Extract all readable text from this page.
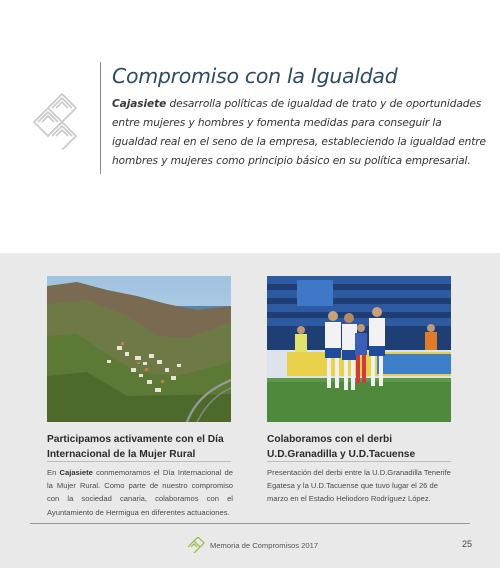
Compromiso con la Igualdad

Cajasiete desarrolla políticas de igualdad de trato y de oportunidades entre mujeres y hombres y fomenta medidas para conseguir la igualdad real en el seno de la empresa, estableciendo la igualdad entre hombres y mujeres como principio básico en su política empresarial.

Participamos activamente con el Día Internacional de la Mujer Rural

En Cajasiete conmemoramos el Día Internacional de la Mujer Rural. Como parte de nuestro compromiso con la sociedad canaria, colaboramos con el Ayuntamiento de Hermigua en diferentes actuaciones.

Colaboramos con el derbi U.D.Granadilla y U.D.Tacuense

Presentación del derbi entre la U.D.Granadilla Tenerife Egatesa y la U.D.Tacuense que tuvo lugar el 26 de marzo en el Estadio Heliodoro Rodríguez López.

Memoria de Compromisos 2017	25
